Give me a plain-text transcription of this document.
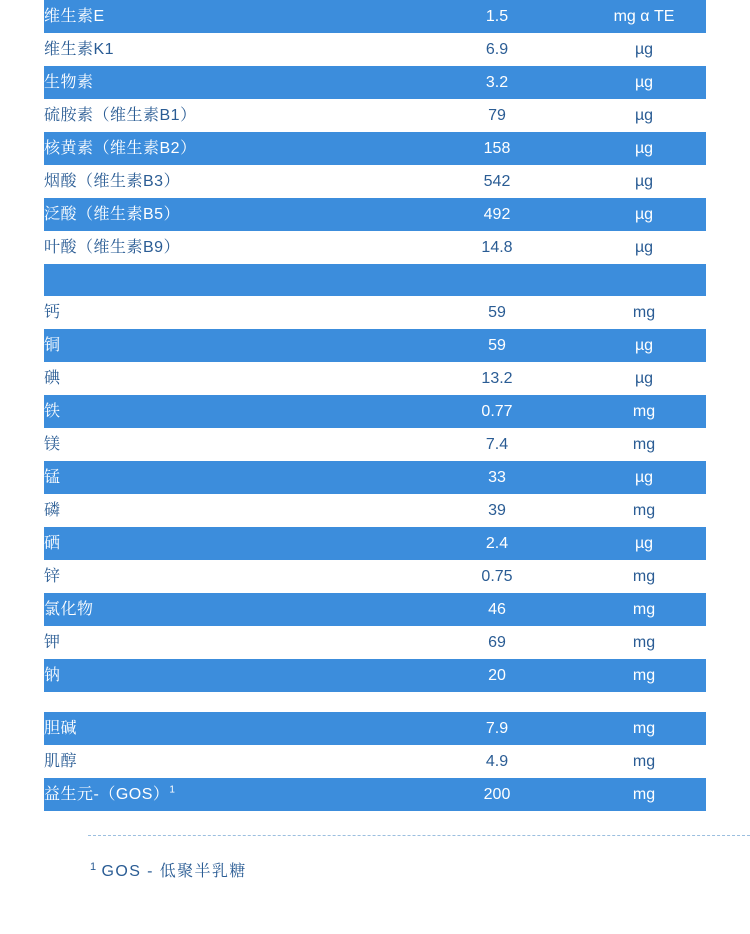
维生素E	1.5	mg α TE
维生素K1	6.9	µg
生物素	3.2	µg
硫胺素（维生素B1）	79	µg
核黄素（维生素B2）	158	µg
烟酸（维生素B3）	542	µg
泛酸（维生素B5）	492	µg
叶酸（维生素B9）	14.8	µg

钙	59	mg
铜	59	µg
碘	13.2	µg
铁	0.77	mg
镁	7.4	mg
锰	33	µg
磷	39	mg
硒	2.4	µg
锌	0.75	mg
氯化物	46	mg
钾	69	mg
钠	20	mg

胆碱	7.9	mg
肌醇	4.9	mg
益生元-（GOS）$^1$	200	mg
$^1$ GOS - 低聚半乳糖
